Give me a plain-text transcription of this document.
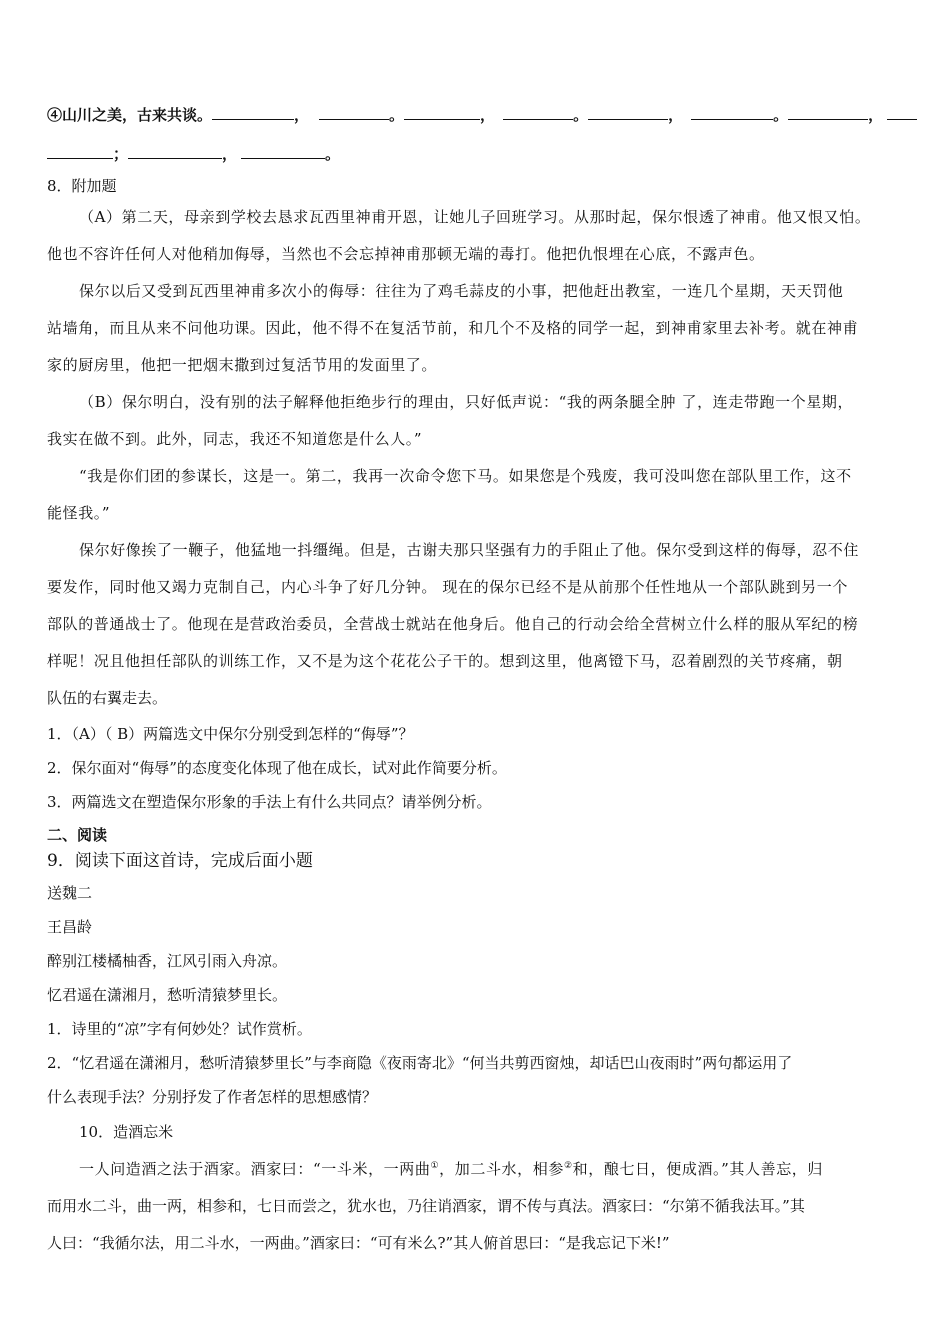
④山川之美，古来共谈。	，	。	，	。	，	。	，
；	，	。
8．附加题
（A）第二天，母亲到学校去恳求瓦西里神甫开恩，让她儿子回班学习。从那时起，保尔恨透了神甫。他又恨又怕。
他也不容许任何人对他稍加侮辱，当然也不会忘掉神甫那顿无端的毒打。他把仇恨埋在心底，不露声色。
保尔以后又受到瓦西里神甫多次小的侮辱：往往为了鸡毛蒜皮的小事，把他赶出教室，一连几个星期，天天罚他
站墙角，而且从来不问他功课。因此，他不得不在复活节前，和几个不及格的同学一起，到神甫家里去补考。就在神甫
家的厨房里，他把一把烟末撒到过复活节用的发面里了。
（B）保尔明白，没有别的法子解释他拒绝步行的理由，只好低声说：“我的两条腿全肿 了，连走带跑一个星期，
我实在做不到。此外，同志，我还不知道您是什么人。”
“我是你们团的参谋长，这是一。第二，我再一次命令您下马。如果您是个残废，我可没叫您在部队里工作，这不
能怪我。”
保尔好像挨了一鞭子，他猛地一抖缰绳。但是，古谢夫那只坚强有力的手阻止了他。保尔受到这样的侮辱，忍不住
要发作，同时他又竭力克制自己，内心斗争了好几分钟。 现在的保尔已经不是从前那个任性地从一个部队跳到另一个
部队的普通战士了。他现在是营政治委员，全营战士就站在他身后。他自己的行动会给全营树立什么样的服从军纪的榜
样呢！况且他担任部队的训练工作，又不是为这个花花公子干的。想到这里，他离镫下马，忍着剧烈的关节疼痛，朝
队伍的右翼走去。
1．（A）（ B）两篇选文中保尔分别受到怎样的“侮辱”？
2．保尔面对“侮辱”的态度变化体现了他在成长，试对此作简要分析。
3．两篇选文在塑造保尔形象的手法上有什么共同点？请举例分析。
二、阅读
9．阅读下面这首诗，完成后面小题
送魏二
王昌龄
醉别江楼橘柚香，江风引雨入舟凉。
忆君遥在潇湘月，愁听清猿梦里长。
1．诗里的“凉”字有何妙处？试作赏析。
2．“忆君遥在潇湘月，愁听清猿梦里长”与李商隐《夜雨寄北》“何当共剪西窗烛，却话巴山夜雨时”两句都运用了
什么表现手法？分别抒发了作者怎样的思想感情？
10．造酒忘米
一人问造酒之法于酒家。酒家曰：“一斗米，一两曲①，加二斗水，相参②和，酿七日，便成酒。”其人善忘，归
而用水二斗，曲一两，相参和，七日而尝之，犹水也，乃往诮酒家，谓不传与真法。酒家曰：“尔第不循我法耳。”其
人曰：“我循尔法，用二斗水，一两曲。”酒家曰：“可有米么?”其人俯首思曰：“是我忘记下米!”
